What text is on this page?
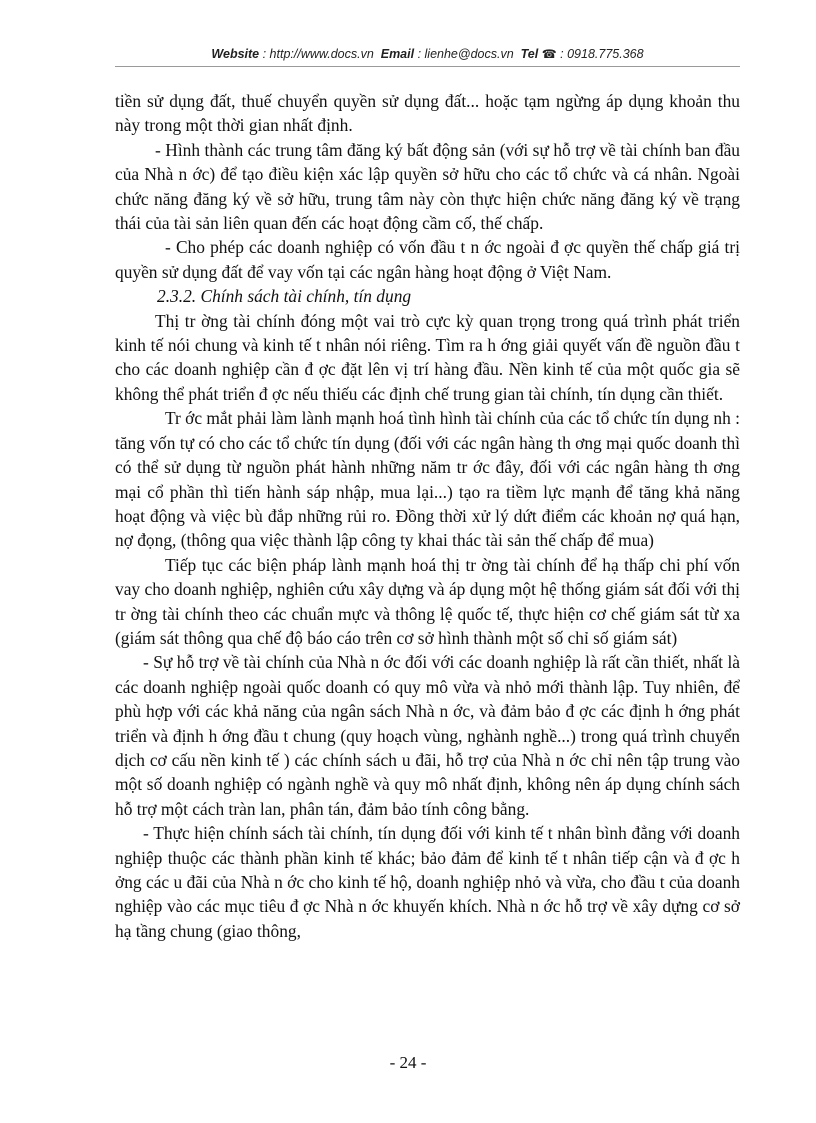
Website : http://www.docs.vn Email : lienhe@docs.vn Tel ☎ : 0918.775.368

tiền sử dụng đất, thuế chuyển quyền sử dụng đất... hoặc tạm ngừng áp dụng khoản thu này trong một thời gian nhất định.

- Hình thành các trung tâm đăng ký bất động sản (với sự hỗ trợ về tài chính ban đầu của Nhà n ớc) để tạo điều kiện xác lập quyền sở hữu cho các tổ chức và cá nhân. Ngoài chức năng đăng ký về sở hữu, trung tâm này còn thực hiện chức năng đăng ký về trạng thái của tài sản liên quan đến các hoạt động cầm cố, thế chấp.

- Cho phép các doanh nghiệp có vốn đầu t n ớc ngoài đ ợc quyền thế chấp giá trị quyền sử dụng đất để vay vốn tại các ngân hàng hoạt động ở Việt Nam.

2.3.2. Chính sách tài chính, tín dụng

Thị tr ờng tài chính đóng một vai trò cực kỳ quan trọng trong quá trình phát triển kinh tế nói chung và kinh tế t nhân nói riêng. Tìm ra h ớng giải quyết vấn đề nguồn đầu t cho các doanh nghiệp cần đ ợc đặt lên vị trí hàng đầu. Nền kinh tế của một quốc gia sẽ không thể phát triển đ ợc nếu thiếu các định chế trung gian tài chính, tín dụng cần thiết.

Tr ớc mắt phải làm lành mạnh hoá tình hình tài chính của các tổ chức tín dụng nh : tăng vốn tự có cho các tổ chức tín dụng (đối với các ngân hàng th ơng mại quốc doanh thì có thể sử dụng từ nguồn phát hành những năm tr ớc đây, đối với các ngân hàng th ơng mại cổ phần thì tiến hành sáp nhập, mua lại...) tạo ra tiềm lực mạnh để tăng khả năng hoạt động và việc bù đắp những rủi ro. Đồng thời xử lý dứt điểm các khoản nợ quá hạn, nợ đọng, (thông qua việc thành lập công ty khai thác tài sản thế chấp để mua)

Tiếp tục các biện pháp lành mạnh hoá thị tr ờng tài chính để hạ thấp chi phí vốn vay cho doanh nghiệp, nghiên cứu xây dựng và áp dụng một hệ thống giám sát đối với thị tr ờng tài chính theo các chuẩn mực và thông lệ quốc tế, thực hiện cơ chế giám sát từ xa (giám sát thông qua chế độ báo cáo trên cơ sở hình thành một số chỉ số giám sát)

- Sự hỗ trợ về tài chính của Nhà n ớc đối với các doanh nghiệp là rất cần thiết, nhất là các doanh nghiệp ngoài quốc doanh có quy mô vừa và nhỏ mới thành lập. Tuy nhiên, để phù hợp với các khả năng của ngân sách Nhà n ớc, và đảm bảo đ ợc các định h ớng phát triển và định h ớng đầu t chung (quy hoạch vùng, nghành nghề...) trong quá trình chuyển dịch cơ cấu nền kinh tế ) các chính sách u đãi, hỗ trợ của Nhà n ớc chỉ nên tập trung vào một số doanh nghiệp có ngành nghề và quy mô nhất định, không nên áp dụng chính sách hỗ trợ một cách tràn lan, phân tán, đảm bảo tính công bằng.

- Thực hiện chính sách tài chính, tín dụng đối với kinh tế t nhân bình đẳng với doanh nghiệp thuộc các thành phần kinh tế khác; bảo đảm để kinh tế t nhân tiếp cận và đ ợc h ởng các u đãi của Nhà n ớc cho kinh tế hộ, doanh nghiệp nhỏ và vừa, cho đầu t của doanh nghiệp vào các mục tiêu đ ợc Nhà n ớc khuyến khích. Nhà n ớc hỗ trợ về xây dựng cơ sở hạ tầng chung (giao thông,

- 24 -
